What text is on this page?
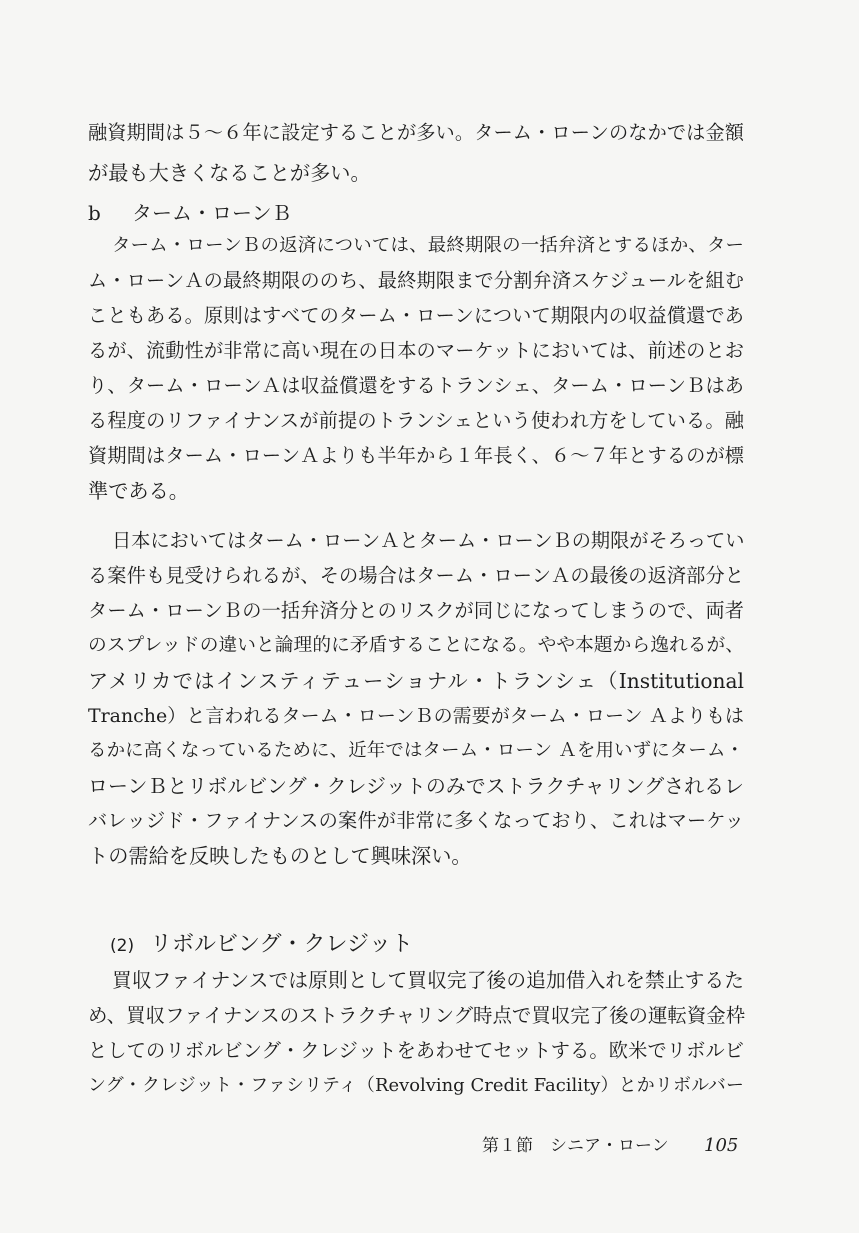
融資期間は５～６年に設定することが多い。ターム・ローンのなかでは金額
が最も大きくなることが多い。
b ターム・ローンＢ
ターム・ローンＢの返済については、最終期限の一括弁済とするほか、ター
ム・ローンＡの最終期限ののち、最終期限まで分割弁済スケジュールを組む
こともある。原則はすべてのターム・ローンについて期限内の収益償還であ
るが、流動性が非常に高い現在の日本のマーケットにおいては、前述のとお
り、ターム・ローンＡは収益償還をするトランシェ、ターム・ローンＢはあ
る程度のリファイナンスが前提のトランシェという使われ方をしている。融
資期間はターム・ローンＡよりも半年から１年長く、６～７年とするのが標
準である。
日本においてはターム・ローンＡとターム・ローンＢの期限がそろってい
る案件も見受けられるが、その場合はターム・ローンＡの最後の返済部分と
ターム・ローンＢの一括弁済分とのリスクが同じになってしまうので、両者
のスプレッドの違いと論理的に矛盾することになる。やや本題から逸れるが、
アメリカではインスティテューショナル・トランシェ（Institutional
Tranche）と言われるターム・ローンＢの需要がターム・ローン Ａよりもは
るかに高くなっているために、近年ではターム・ローン Ａを用いずにターム・
ローンＢとリボルビング・クレジットのみでストラクチャリングされるレ
バレッジド・ファイナンスの案件が非常に多くなっており、これはマーケッ
トの需給を反映したものとして興味深い。
(2) リボルビング・クレジット
買収ファイナンスでは原則として買収完了後の追加借入れを禁止するた
め、買収ファイナンスのストラクチャリング時点で買収完了後の運転資金枠
としてのリボルビング・クレジットをあわせてセットする。欧米でリボルビ
ング・クレジット・ファシリティ（Revolving Credit Facility）とかリボルバー
第１節　シニア・ローン 105
